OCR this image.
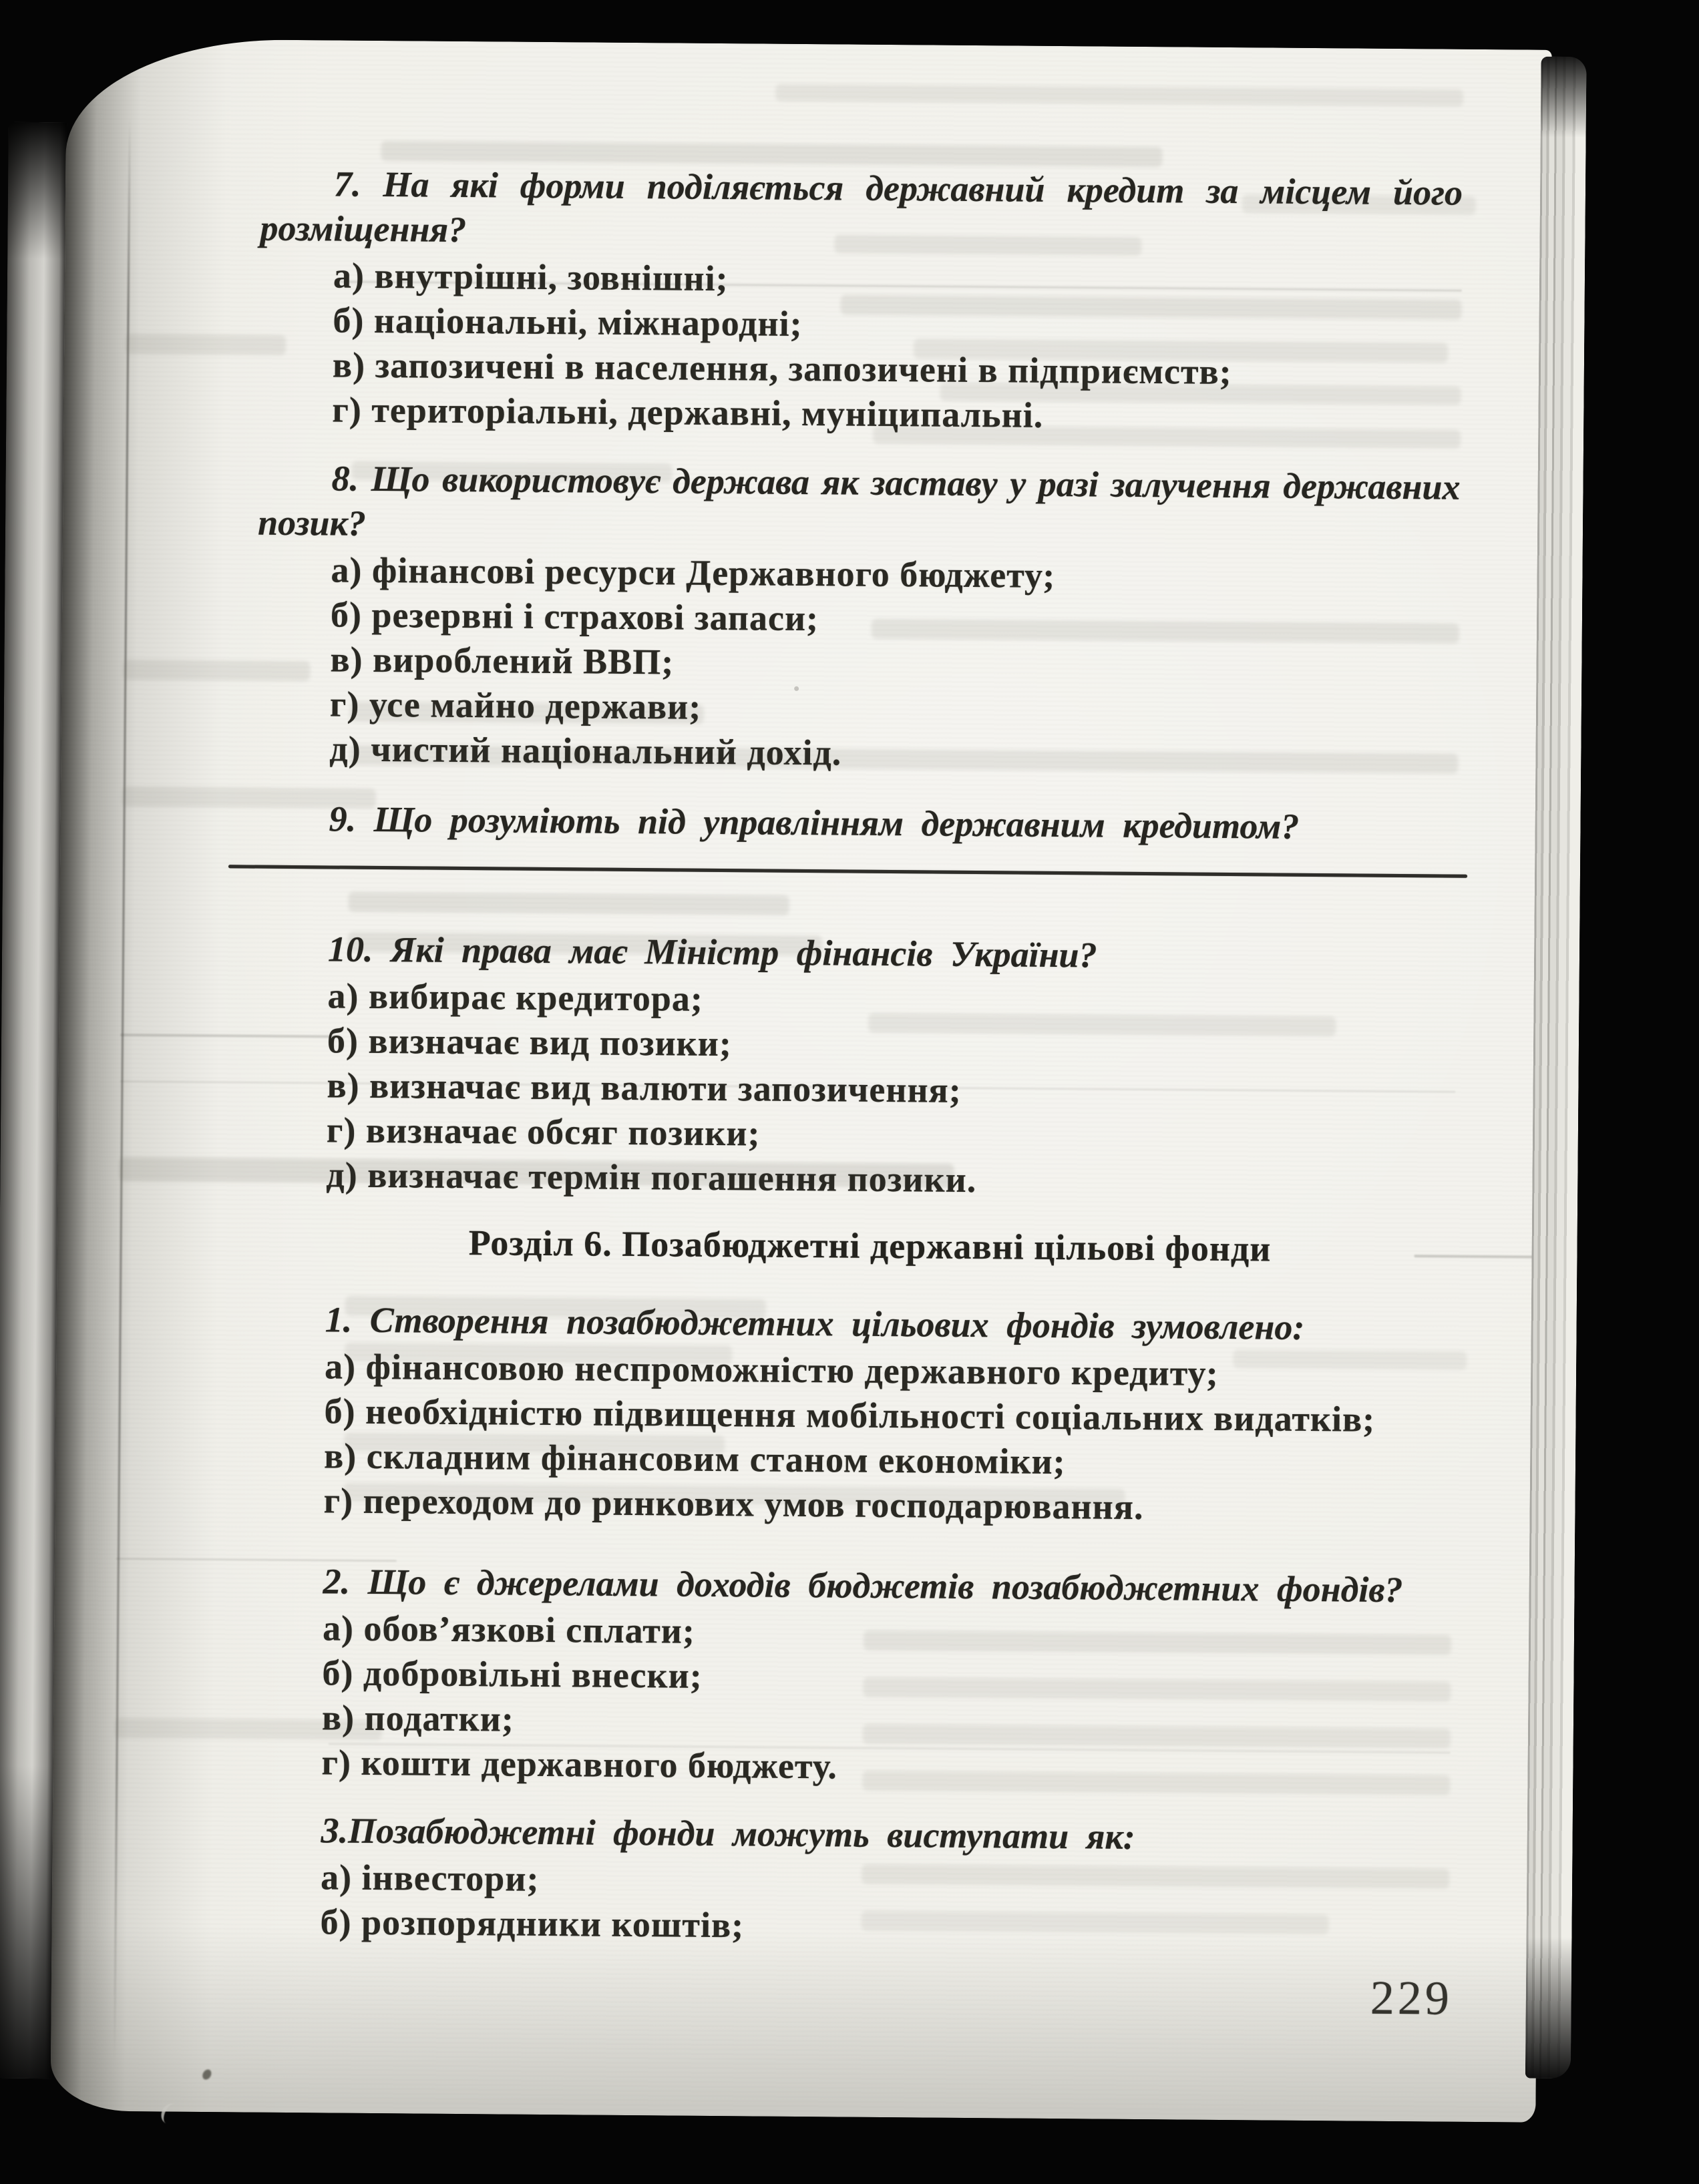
7. На які форми поділяється державний кредит за місцем його розміщення?

а) внутрішні, зовнішні;

б) національні, міжнародні;

в) запозичені в населення, запозичені в підприємств;

г) територіальні, державні, муніципальні.

8. Що використовує держава як заставу у разі залучення державних позик?

а) фінансові ресурси Державного бюджету;

б) резервні і страхові запаси;

в) вироблений ВВП;

г) усе майно держави;

д) чистий національний дохід.

9. Що розуміють під управлінням державним кредитом?

10. Які права має Міністр фінансів України?

а) вибирає кредитора;

б) визначає вид позики;

в) визначає вид валюти запозичення;

г) визначає обсяг позики;

д) визначає термін погашення позики.

Розділ 6. Позабюджетні державні цільові фонди

1. Створення позабюджетних цільових фондів зумовлено:

а) фінансовою неспроможністю державного кредиту;

б) необхідністю підвищення мобільності соціальних видатків;

в) складним фінансовим станом економіки;

г) переходом до ринкових умов господарювання.

2. Що є джерелами доходів бюджетів позабюджетних фондів?

а) обов’язкові сплати;

б) добровільні внески;

в) податки;

г) кошти державного бюджету.

3.Позабюджетні фонди можуть виступати як:

а) інвестори;

б) розпорядники коштів;

229
